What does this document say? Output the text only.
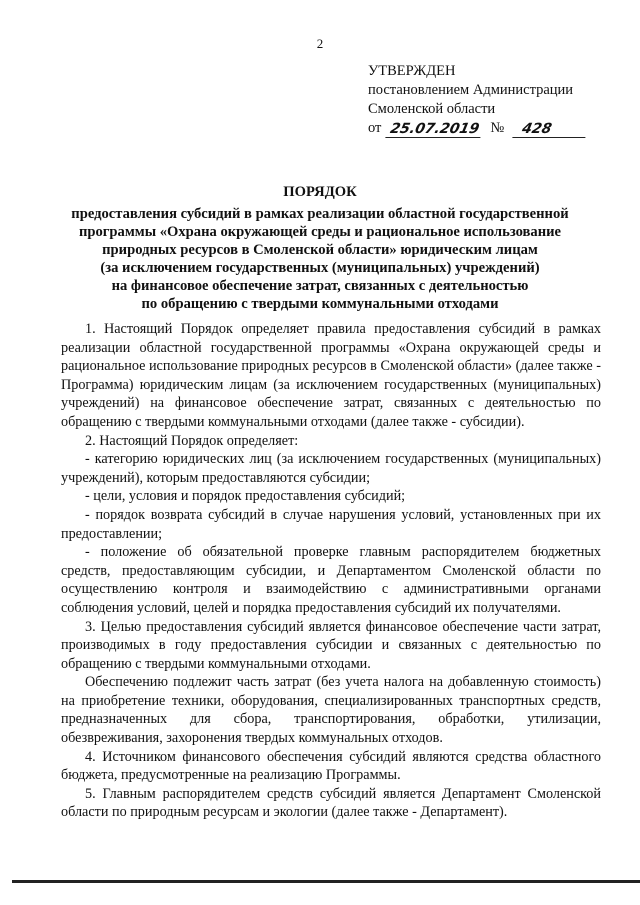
2
УТВЕРЖДЕН
постановлением Администрации
Смоленской области
от 25.07.2019 №	428
ПОРЯДОК
предоставления субсидий в рамках реализации областной государственной
программы «Охрана окружающей среды и рациональное использование
природных ресурсов в Смоленской области» юридическим лицам
(за исключением государственных (муниципальных) учреждений)
на финансовое обеспечение затрат, связанных с деятельностью
по обращению с твердыми коммунальными отходами

1. Настоящий Порядок определяет правила предоставления субсидий в рамках реализации областной государственной программы «Охрана окружающей среды и рациональное использование природных ресурсов в Смоленской области» (далее также - Программа) юридическим лицам (за исключением государственных (муниципальных) учреждений) на финансовое обеспечение затрат, связанных с деятельностью по обращению с твердыми коммунальными отходами (далее также - субсидии).

2. Настоящий Порядок определяет:

- категорию юридических лиц (за исключением государственных (муниципальных) учреждений), которым предоставляются субсидии;

- цели, условия и порядок предоставления субсидий;

- порядок возврата субсидий в случае нарушения условий, установленных при их предоставлении;

- положение об обязательной проверке главным распорядителем бюджетных средств, предоставляющим субсидии, и Департаментом Смоленской области по осуществлению контроля и взаимодействию с административными органами соблюдения условий, целей и порядка предоставления субсидий их получателями.

3. Целью предоставления субсидий является финансовое обеспечение части затрат, производимых в году предоставления субсидии и связанных с деятельностью по обращению с твердыми коммунальными отходами.

Обеспечению подлежит часть затрат (без учета налога на добавленную стоимость) на приобретение техники, оборудования, специализированных транспортных средств, предназначенных для сбора, транспортирования, обработки, утилизации, обезвреживания, захоронения твердых коммунальных отходов.

4. Источником финансового обеспечения субсидий являются средства областного бюджета, предусмотренные на реализацию Программы.

5. Главным распорядителем средств субсидий является Департамент Смоленской области по природным ресурсам и экологии (далее также - Департамент).
